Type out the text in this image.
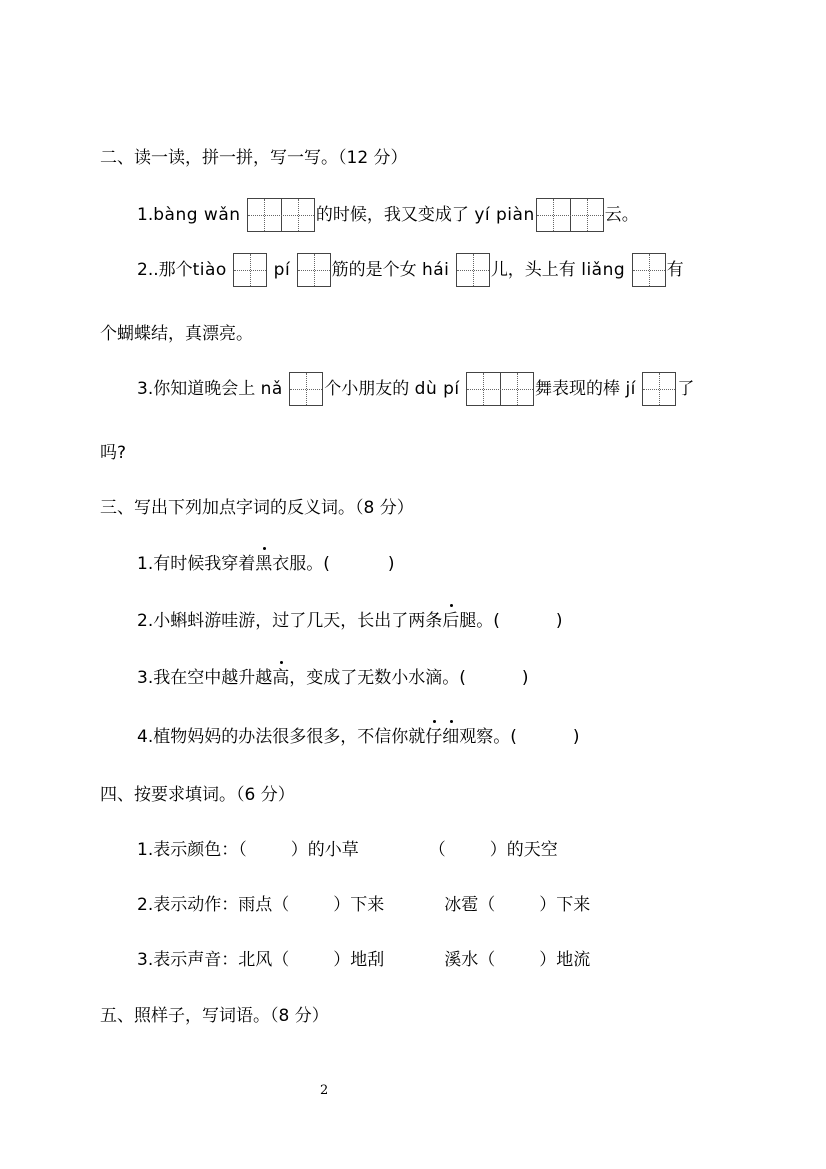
二、读一读，拼一拼，写一写。（12 分）
1.bàng wǎn	的时候，我又变成了 yí piàn	云。
2..那个tiào	pí 筋的是个女 hái 儿，头上有 liǎng 有
个蝴蝶结，真漂亮。
3.你知道晚会上 nǎ 个小朋友的 dù pí	舞表现的棒 jí 了
吗?
三、写出下列加点字词的反义词。（8 分）
1.有时候我穿着黑衣服。(	)
2.小蝌蚪游哇游，过了几天，长出了两条后腿。(	)
3.我在空中越升越高，变成了无数小水滴。(	)
4.植物妈妈的办法很多很多，不信你就仔细观察。(	)
四、按要求填词。（6 分）
1.表示颜色：（	）的小草	（	）的天空
2.表示动作：雨点（	）下来	冰雹（	）下来
3.表示声音：北风（	）地刮	溪水（	）地流
五、照样子，写词语。（8 分）
2
